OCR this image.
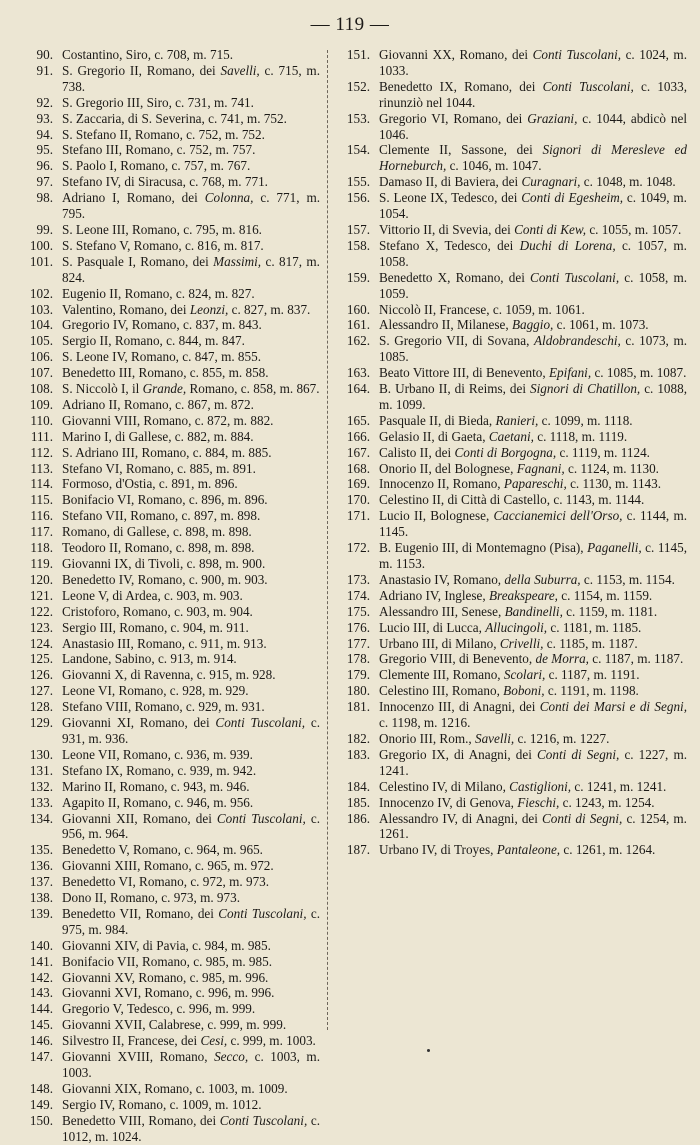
— 119 —
90. Costantino, Siro, c. 708, m. 715.
91. S. Gregorio II, Romano, dei Savelli, c. 715, m. 738.
92. S. Gregorio III, Siro, c. 731, m. 741.
93. S. Zaccaria, di S. Severina, c. 741, m. 752.
94. S. Stefano II, Romano, c. 752, m. 752.
95. Stefano III, Romano, c. 752, m. 757.
96. S. Paolo I, Romano, c. 757, m. 767.
97. Stefano IV, di Siracusa, c. 768, m. 771.
98. Adriano I, Romano, dei Colonna, c. 771, m. 795.
99. S. Leone III, Romano, c. 795, m. 816.
100. S. Stefano V, Romano, c. 816, m. 817.
101. S. Pasquale I, Romano, dei Massimi, c. 817, m. 824.
102. Eugenio II, Romano, c. 824, m. 827.
103. Valentino, Romano, dei Leonzi, c. 827, m. 837.
104. Gregorio IV, Romano, c. 837, m. 843.
105. Sergio II, Romano, c. 844, m. 847.
106. S. Leone IV, Romano, c. 847, m. 855.
107. Benedetto III, Romano, c. 855, m. 858.
108. S. Niccolò I, il Grande, Romano, c. 858, m. 867.
109. Adriano II, Romano, c. 867, m. 872.
110. Giovanni VIII, Romano, c. 872, m. 882.
111. Marino I, di Gallese, c. 882, m. 884.
112. S. Adriano III, Romano, c. 884, m. 885.
113. Stefano VI, Romano, c. 885, m. 891.
114. Formoso, d'Ostia, c. 891, m. 896.
115. Bonifacio VI, Romano, c. 896, m. 896.
116. Stefano VII, Romano, c. 897, m. 898.
117. Romano, di Gallese, c. 898, m. 898.
118. Teodoro II, Romano, c. 898, m. 898.
119. Giovanni IX, di Tivoli, c. 898, m. 900.
120. Benedetto IV, Romano, c. 900, m. 903.
121. Leone V, di Ardea, c. 903, m. 903.
122. Cristoforo, Romano, c. 903, m. 904.
123. Sergio III, Romano, c. 904, m. 911.
124. Anastasio III, Romano, c. 911, m. 913.
125. Landone, Sabino, c. 913, m. 914.
126. Giovanni X, di Ravenna, c. 915, m. 928.
127. Leone VI, Romano, c. 928, m. 929.
128. Stefano VIII, Romano, c. 929, m. 931.
129. Giovanni XI, Romano, dei Conti Tuscolani, c. 931, m. 936.
130. Leone VII, Romano, c. 936, m. 939.
131. Stefano IX, Romano, c. 939, m. 942.
132. Marino II, Romano, c. 943, m. 946.
133. Agapito II, Romano, c. 946, m. 956.
134. Giovanni XII, Romano, dei Conti Tuscolani, c. 956, m. 964.
135. Benedetto V, Romano, c. 964, m. 965.
136. Giovanni XIII, Romano, c. 965, m. 972.
137. Benedetto VI, Romano, c. 972, m. 973.
138. Dono II, Romano, c. 973, m. 973.
139. Benedetto VII, Romano, dei Conti Tuscolani, c. 975, m. 984.
140. Giovanni XIV, di Pavia, c. 984, m. 985.
141. Bonifacio VII, Romano, c. 985, m. 985.
142. Giovanni XV, Romano, c. 985, m. 996.
143. Giovanni XVI, Romano, c. 996, m. 996.
144. Gregorio V, Tedesco, c. 996, m. 999.
145. Giovanni XVII, Calabrese, c. 999, m. 999.
146. Silvestro II, Francese, dei Cesi, c. 999, m. 1003.
147. Giovanni XVIII, Romano, Secco, c. 1003, m. 1003.
148. Giovanni XIX, Romano, c. 1003, m. 1009.
149. Sergio IV, Romano, c. 1009, m. 1012.
150. Benedetto VIII, Romano, dei Conti Tuscolani, c. 1012, m. 1024.
151. Giovanni XX, Romano, dei Conti Tuscolani, c. 1024, m. 1033.
152. Benedetto IX, Romano, dei Conti Tuscolani, c. 1033, rinunziò nel 1044.
153. Gregorio VI, Romano, dei Graziani, c. 1044, abdicò nel 1046.
154. Clemente II, Sassone, dei Signori di Meresleve ed Horneburch, c. 1046, m. 1047.
155. Damaso II, di Baviera, dei Curagnari, c. 1048, m. 1048.
156. S. Leone IX, Tedesco, dei Conti di Egesheim, c. 1049, m. 1054.
157. Vittorio II, di Svevia, dei Conti di Kew, c. 1055, m. 1057.
158. Stefano X, Tedesco, dei Duchi di Lorena, c. 1057, m. 1058.
159. Benedetto X, Romano, dei Conti Tuscolani, c. 1058, m. 1059.
160. Niccolò II, Francese, c. 1059, m. 1061.
161. Alessandro II, Milanese, Baggio, c. 1061, m. 1073.
162. S. Gregorio VII, di Sovana, Aldobrandeschi, c. 1073, m. 1085.
163. Beato Vittore III, di Benevento, Epifani, c. 1085, m. 1087.
164. B. Urbano II, di Reims, dei Signori di Chatillon, c. 1088, m. 1099.
165. Pasquale II, di Bieda, Ranieri, c. 1099, m. 1118.
166. Gelasio II, di Gaeta, Caetani, c. 1118, m. 1119.
167. Calisto II, dei Conti di Borgogna, c. 1119, m. 1124.
168. Onorio II, del Bolognese, Fagnani, c. 1124, m. 1130.
169. Innocenzo II, Romano, Papareschi, c. 1130, m. 1143.
170. Celestino II, di Città di Castello, c. 1143, m. 1144.
171. Lucio II, Bolognese, Caccianemici dell'Orso, c. 1144, m. 1145.
172. B. Eugenio III, di Montemagno (Pisa), Paganelli, c. 1145, m. 1153.
173. Anastasio IV, Romano, della Suburra, c. 1153, m. 1154.
174. Adriano IV, Inglese, Breakspeare, c. 1154, m. 1159.
175. Alessandro III, Senese, Bandinelli, c. 1159, m. 1181.
176. Lucio III, di Lucca, Allucingoli, c. 1181, m. 1185.
177. Urbano III, di Milano, Crivelli, c. 1185, m. 1187.
178. Gregorio VIII, di Benevento, de Morra, c. 1187, m. 1187.
179. Clemente III, Romano, Scolari, c. 1187, m. 1191.
180. Celestino III, Romano, Boboni, c. 1191, m. 1198.
181. Innocenzo III, di Anagni, dei Conti dei Marsi e di Segni, c. 1198, m. 1216.
182. Onorio III, Rom., Savelli, c. 1216, m. 1227.
183. Gregorio IX, di Anagni, dei Conti di Segni, c. 1227, m. 1241.
184. Celestino IV, di Milano, Castiglioni, c. 1241, m. 1241.
185. Innocenzo IV, di Genova, Fieschi, c. 1243, m. 1254.
186. Alessandro IV, di Anagni, dei Conti di Segni, c. 1254, m. 1261.
187. Urbano IV, di Troyes, Pantaleone, c. 1261, m. 1264.
